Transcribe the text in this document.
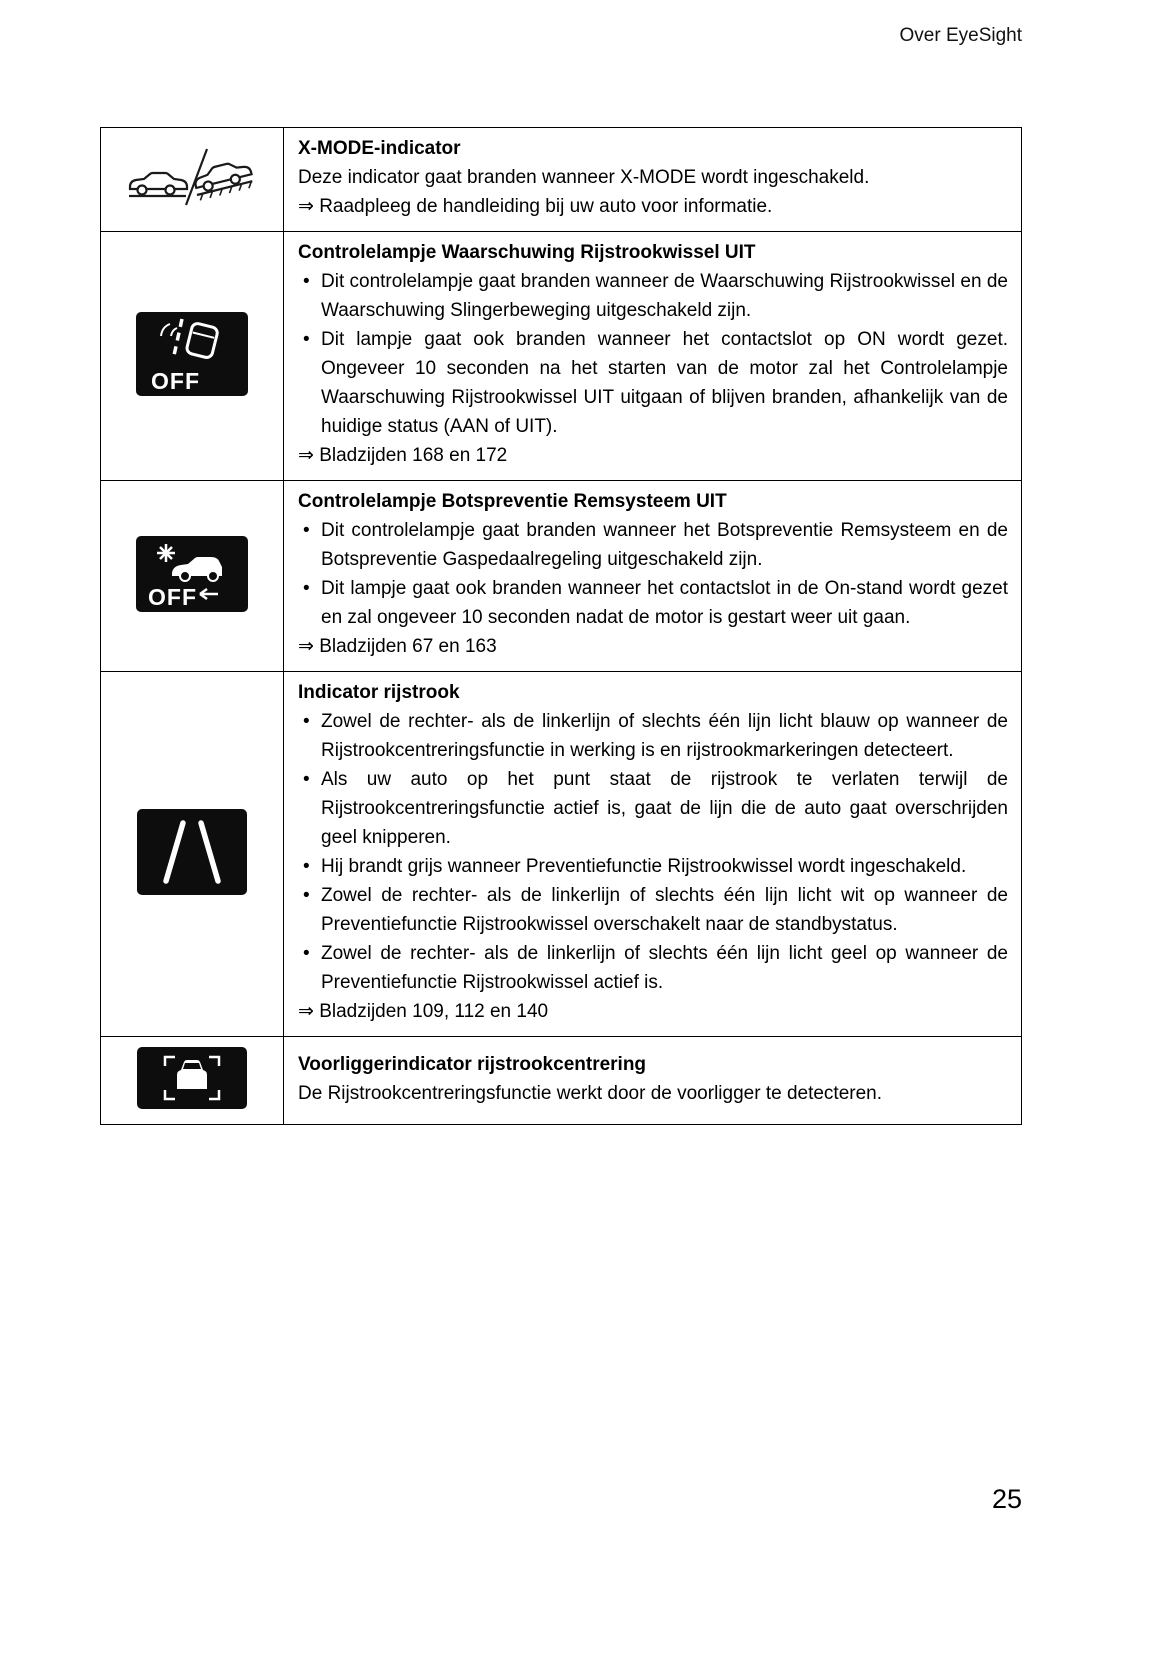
Over EyeSight

X-MODE-indicator
Deze indicator gaat branden wanneer X-MODE wordt ingeschakeld.
⇒ Raadpleeg de handleiding bij uw auto voor informatie.

OFF

Controlelampje Waarschuwing Rijstrookwissel UIT
• Dit controlelampje gaat branden wanneer de Waarschuwing Rijstrookwissel en de Waarschuwing Slingerbeweging uitgeschakeld zijn.
• Dit lampje gaat ook branden wanneer het contactslot op ON wordt gezet. Ongeveer 10 seconden na het starten van de motor zal het Controlelampje Waarschuwing Rijstrookwissel UIT uitgaan of blijven branden, afhankelijk van de huidige status (AAN of UIT).
⇒ Bladzijden 168 en 172

OFF

Controlelampje Botspreventie Remsysteem UIT
• Dit controlelampje gaat branden wanneer het Botspreventie Remsysteem en de Botspreventie Gaspedaalregeling uitgeschakeld zijn.
• Dit lampje gaat ook branden wanneer het contactslot in de On-stand wordt gezet en zal ongeveer 10 seconden nadat de motor is gestart weer uit gaan.
⇒ Bladzijden 67 en 163

Indicator rijstrook
• Zowel de rechter- als de linkerlijn of slechts één lijn licht blauw op wanneer de Rijstrookcentreringsfunctie in werking is en rijstrookmarkeringen detecteert.
• Als uw auto op het punt staat de rijstrook te verlaten terwijl de Rijstrookcentreringsfunctie actief is, gaat de lijn die de auto gaat overschrijden geel knipperen.
• Hij brandt grijs wanneer Preventiefunctie Rijstrookwissel wordt ingeschakeld.
• Zowel de rechter- als de linkerlijn of slechts één lijn licht wit op wanneer de Preventiefunctie Rijstrookwissel overschakelt naar de standbystatus.
• Zowel de rechter- als de linkerlijn of slechts één lijn licht geel op wanneer de Preventiefunctie Rijstrookwissel actief is.
⇒ Bladzijden 109, 112 en 140

Voorliggerindicator rijstrookcentrering
De Rijstrookcentreringsfunctie werkt door de voorligger te detecteren.
25
